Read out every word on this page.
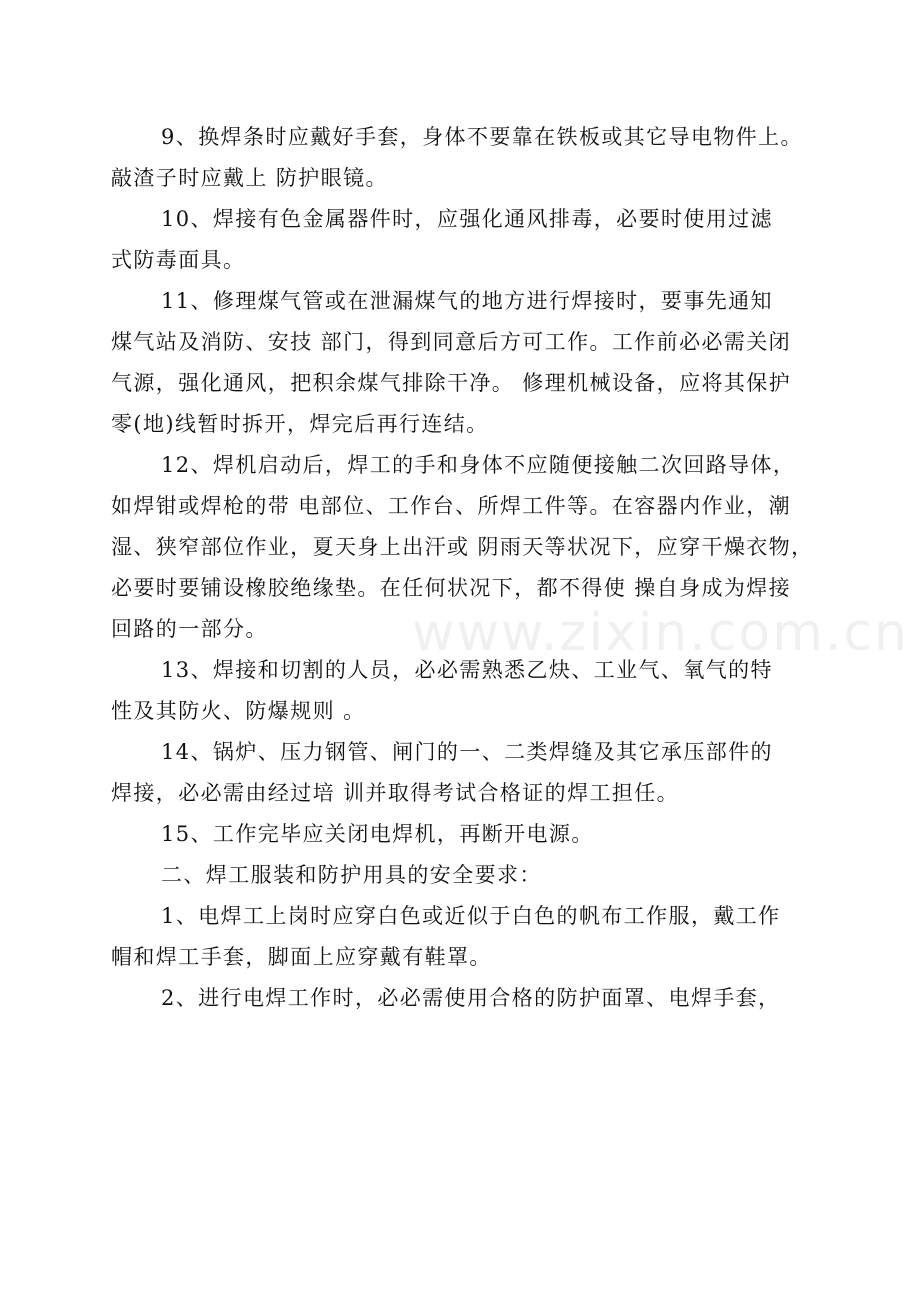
www.zixin.com.cn

9、换焊条时应戴好手套，身体不要靠在铁板或其它导电物件上。
敲渣子时应戴上 防护眼镜。

10、焊接有色金属器件时，应强化通风排毒，必要时使用过滤
式防毒面具。

11、修理煤气管或在泄漏煤气的地方进行焊接时，要事先通知
煤气站及消防、安技 部门，得到同意后方可工作。工作前必必需关闭
气源，强化通风，把积余煤气排除干净。 修理机械设备，应将其保护
零(地)线暂时拆开，焊完后再行连结。

12、焊机启动后，焊工的手和身体不应随便接触二次回路导体，
如焊钳或焊枪的带 电部位、工作台、所焊工件等。在容器内作业，潮
湿、狭窄部位作业，夏天身上出汗或 阴雨天等状况下，应穿干燥衣物，
必要时要铺设橡胶绝缘垫。在任何状况下，都不得使 操自身成为焊接
回路的一部分。

13、焊接和切割的人员，必必需熟悉乙炔、工业气、氧气的特
性及其防火、防爆规则 。

14、锅炉、压力钢管、闸门的一、二类焊缝及其它承压部件的
焊接，必必需由经过培 训并取得考试合格证的焊工担任。

15、工作完毕应关闭电焊机，再断开电源。

二、焊工服装和防护用具的安全要求：

1、电焊工上岗时应穿白色或近似于白色的帆布工作服，戴工作
帽和焊工手套，脚面上应穿戴有鞋罩。

2、进行电焊工作时，必必需使用合格的防护面罩、电焊手套，
